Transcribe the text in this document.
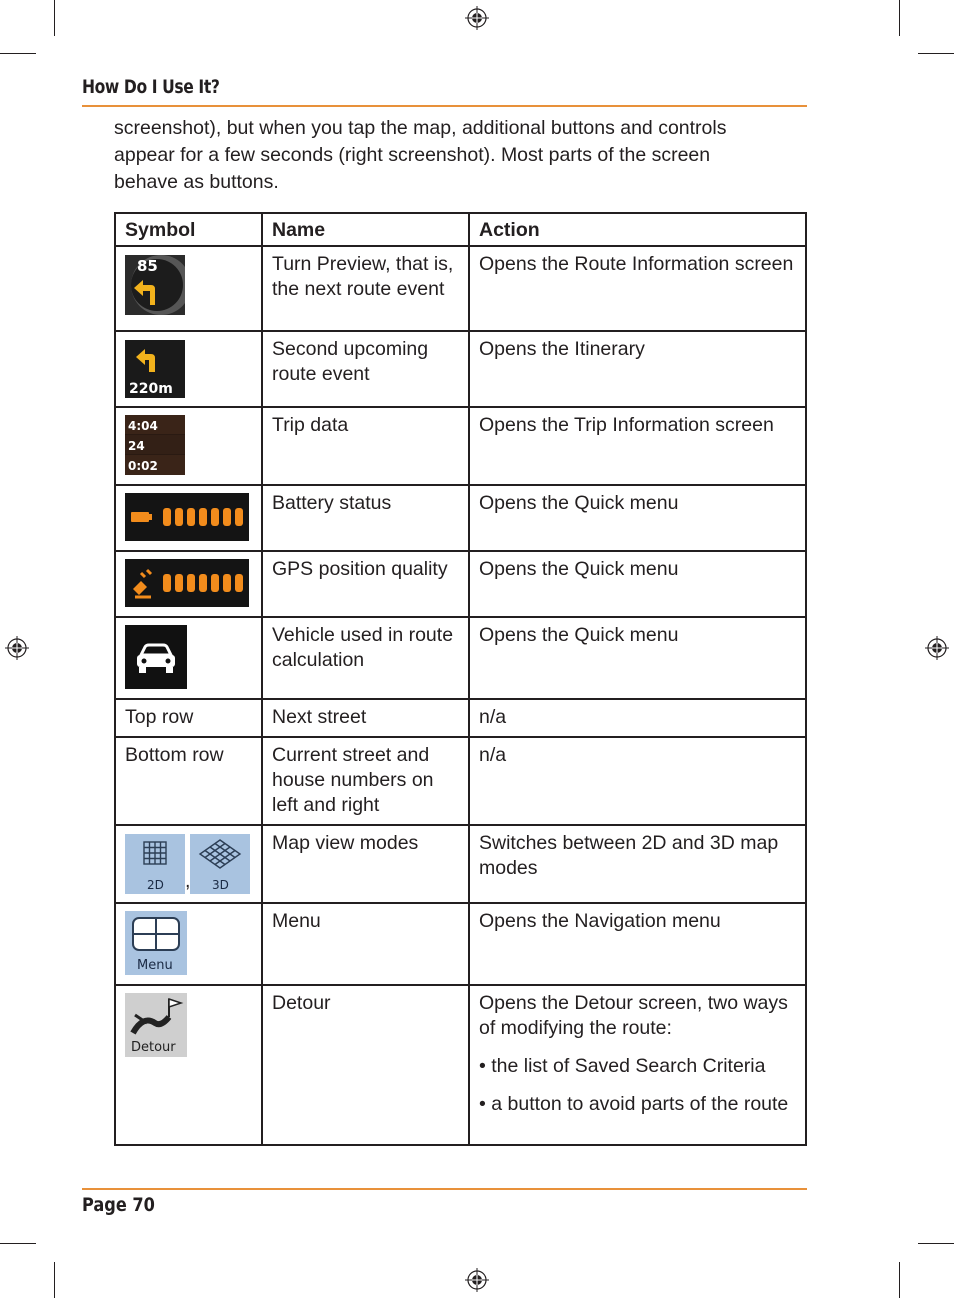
How Do I Use It?

screenshot), but when you tap the map, additional buttons and controls

appear for a few seconds (right screenshot). Most parts of the screen

behave as buttons.

Symbol	Name	Action

85	Turn Preview, that is, the next route event	Opens the Route Information screen

220m	Second upcoming route event	Opens the Itinerary

4:04
24
0:02	Trip data	Opens the Trip Information screen
	Battery status	Opens the Quick menu
	GPS position quality	Opens the Quick menu
	Vehicle used in route calculation	Opens the Quick menu
Top row	Next street	n/a
Bottom row	Current street and house numbers on left and right	n/a

2D , 3D	Map view modes	Switches between 2D and 3D map modes

Menu	Menu	Opens the Navigation menu

Detour	Detour	Opens the Detour screen, two ways of modifying the route:

• the list of Saved Search Criteria

• a button to avoid parts of the route

Page 70
